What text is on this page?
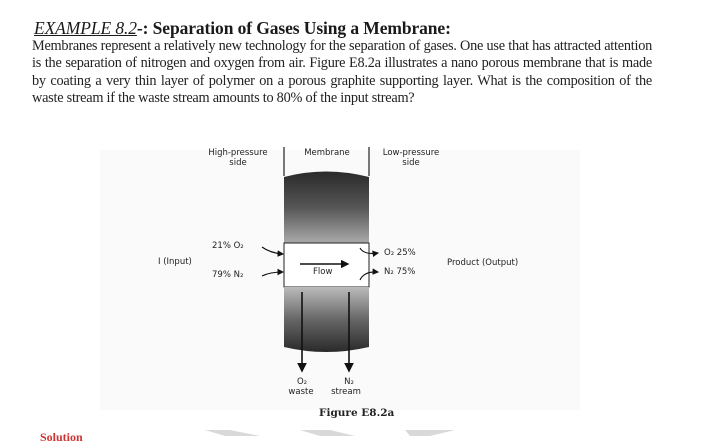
EXAMPLE 8.2-: Separation of Gases Using a Membrane:

Membranes represent a relatively new technology for the separation of gases. One use that has attracted attention is the separation of nitrogen and oxygen from air. Figure E8.2a illustrates a nano porous membrane that is made by coating a very thin layer of polymer on a porous graphite supporting layer. What is the composition of the waste stream if the waste stream amounts to 80% of the input stream?

High-pressure
side
Membrane	Low-pressure
side
I (Input)
21% O₂
79% N₂	Flow
O₂ 25%
N₂ 75%
Product (Output)
O₂	N₂
waste	stream
Figure E8.2a
Solution
